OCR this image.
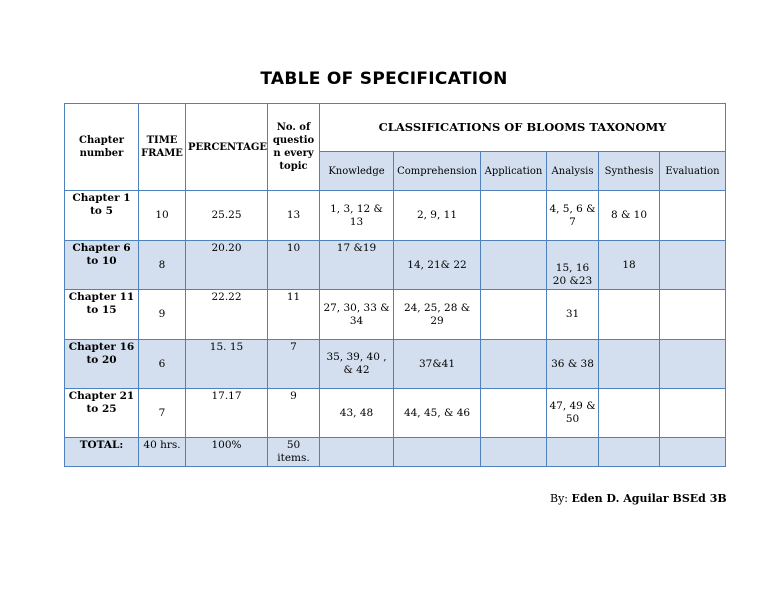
TABLE OF SPECIFICATION
Chapter number	TIME FRAME	PERCENTAGE	No. of questio n every topic	CLASSIFICATIONS OF BLOOMS TAXONOMY					
				Knowledge	Comprehension	Application	Analysis	Synthesis	Evaluation
Chapter 1 to 5	10	25.25	13	1, 3, 12 & 13	2, 9, 11		4, 5, 6 & 7	8 & 10	
Chapter 6 to 10	8	20.20	10	17 &19	14, 21& 22		15, 16 20 &23	18	
Chapter 11 to 15	9	22.22	11	27, 30, 33 & 34	24, 25, 28 & 29		31		
Chapter 16 to 20	6	15. 15	7	35, 39, 40 , & 42	37&41		36 & 38		
Chapter 21 to 25	7	17.17	9	43, 48	44, 45, & 46		47, 49 & 50		
TOTAL:	40 hrs.	100%	50 items.						
By: Eden D. Aguilar BSEd 3B
